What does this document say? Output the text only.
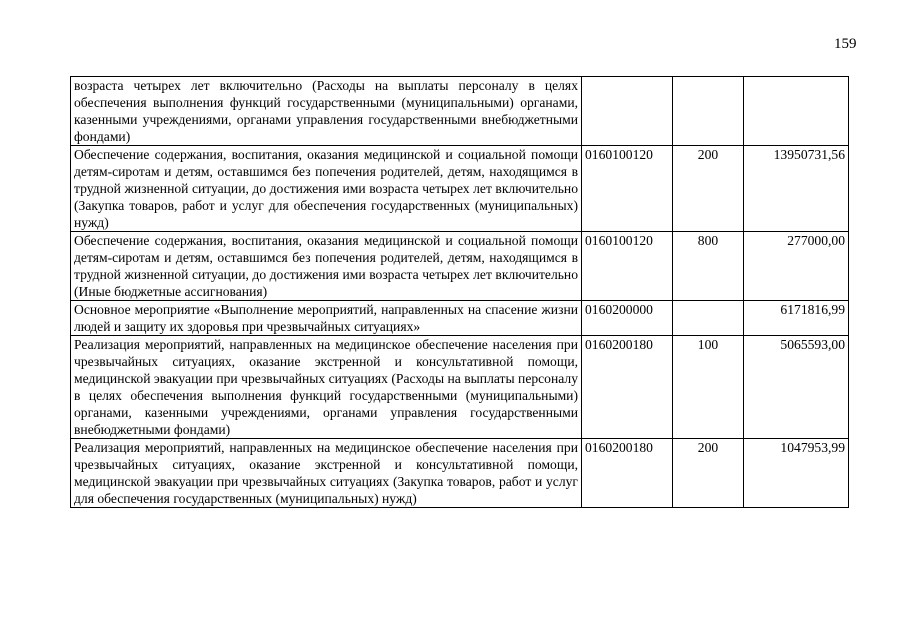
159
возраста четырех лет включительно (Расходы на выплаты персоналу в целях обеспечения выполнения функций государственными (муниципальными) органами, казенными учреждениями, органами управления государственными внебюджетными фондами)			
Обеспечение содержания, воспитания, оказания медицинской и социальной помощи детям-сиротам и детям, оставшимся без попечения родителей, детям, находящимся в трудной жизненной ситуации, до достижения ими возраста четырех лет включительно (Закупка товаров, работ и услуг для обеспечения государственных (муниципальных) нужд)	0160100120	200	13950731,56
Обеспечение содержания, воспитания, оказания медицинской и социальной помощи детям-сиротам и детям, оставшимся без попечения родителей, детям, находящимся в трудной жизненной ситуации, до достижения ими возраста четырех лет включительно (Иные бюджетные ассигнования)	0160100120	800	277000,00
Основное мероприятие «Выполнение мероприятий, направленных на спасение жизни людей и защиту их здоровья при чрезвычайных ситуациях»	0160200000		6171816,99
Реализация мероприятий, направленных на медицинское обеспечение населения при чрезвычайных ситуациях, оказание экстренной и консультативной помощи, медицинской эвакуации при чрезвычайных ситуациях (Расходы на выплаты персоналу в целях обеспечения выполнения функций государственными (муниципальными) органами, казенными учреждениями, органами управления государственными внебюджетными фондами)	0160200180	100	5065593,00
Реализация мероприятий, направленных на медицинское обеспечение населения при чрезвычайных ситуациях, оказание экстренной и консультативной помощи, медицинской эвакуации при чрезвычайных ситуациях (Закупка товаров, работ и услуг для обеспечения государственных (муниципальных) нужд)	0160200180	200	1047953,99
